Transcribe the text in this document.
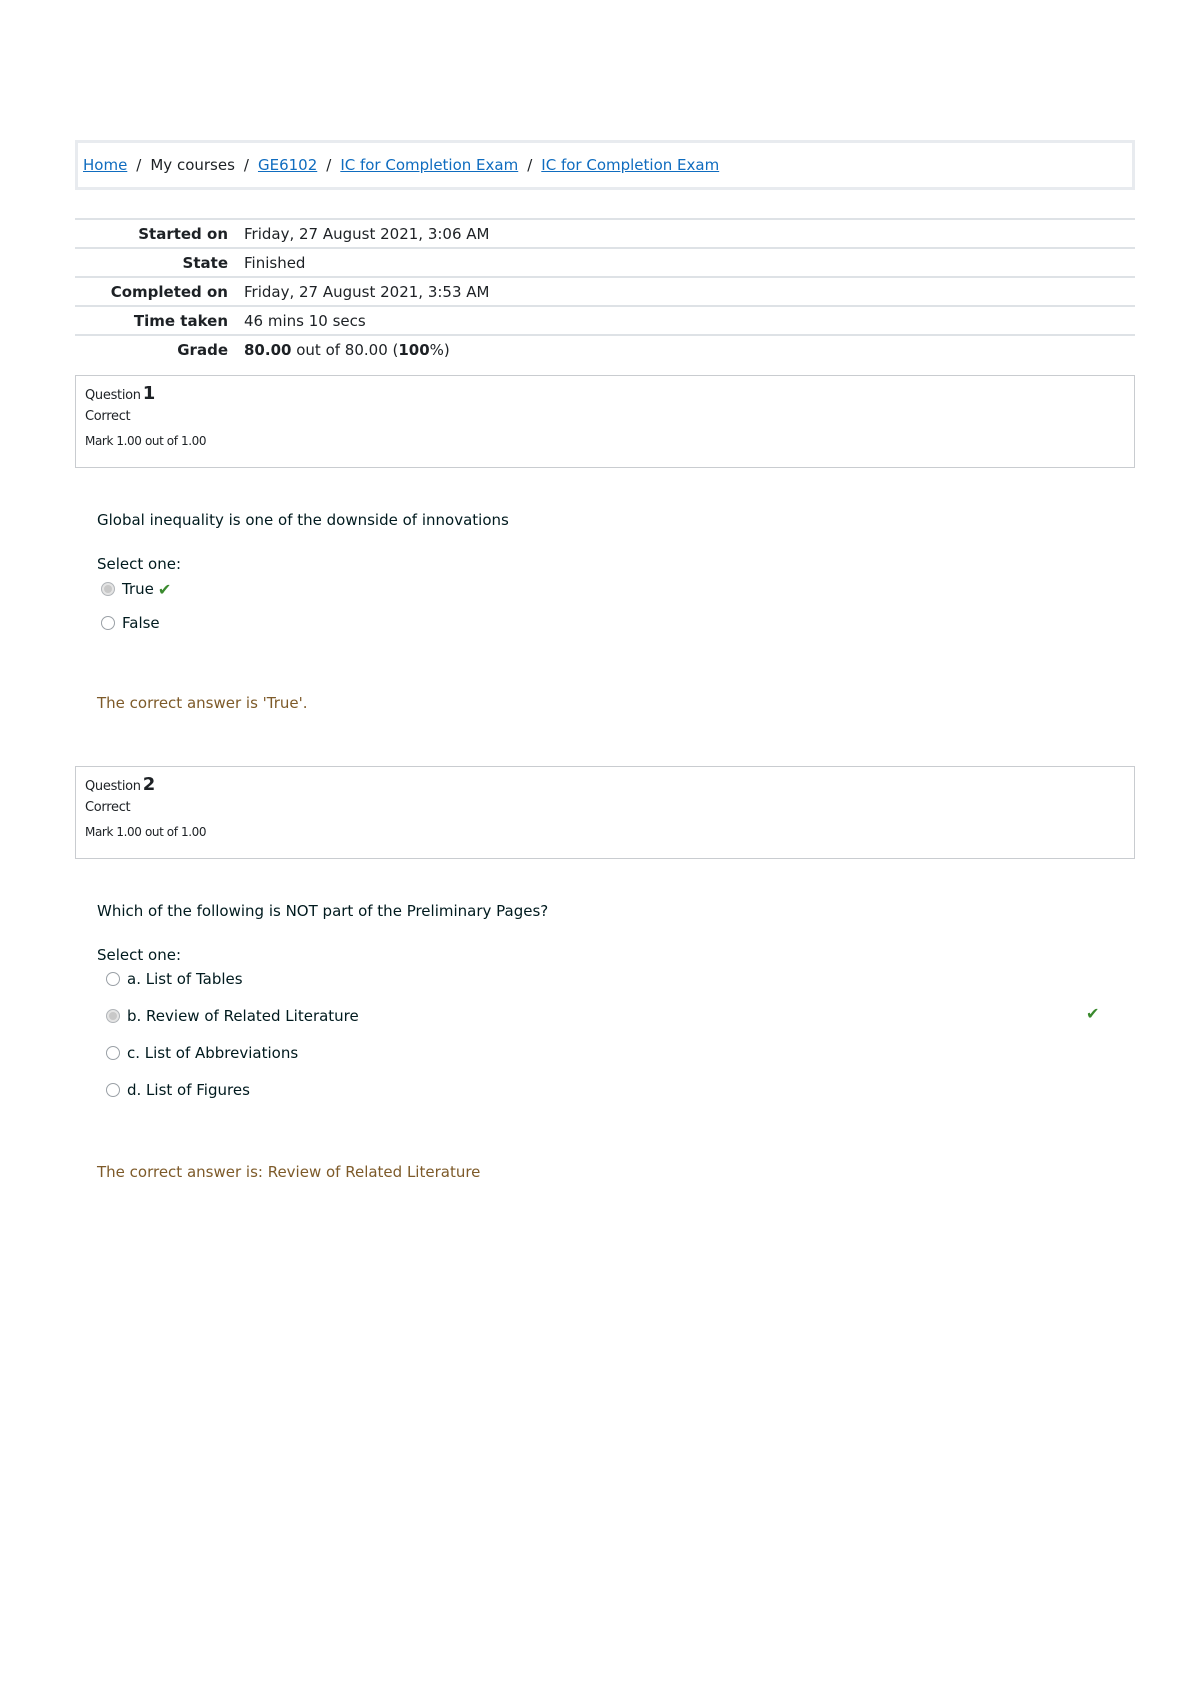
Home / My courses / GE6102 / IC for Completion Exam / IC for Completion Exam
Started on	Friday, 27 August 2021, 3:06 AM
State	Finished
Completed on	Friday, 27 August 2021, 3:53 AM
Time taken	46 mins 10 secs
Grade	80.00 out of 80.00 (100%)
Question 1
Correct
Mark 1.00 out of 1.00
Global inequality is one of the downside of innovations
Select one:
True ✔
False
The correct answer is 'True'.
Question 2
Correct
Mark 1.00 out of 1.00
Which of the following is NOT part of the Preliminary Pages?
Select one:
a. List of Tables
b. Review of Related Literature	✔
c. List of Abbreviations
d. List of Figures
The correct answer is: Review of Related Literature
